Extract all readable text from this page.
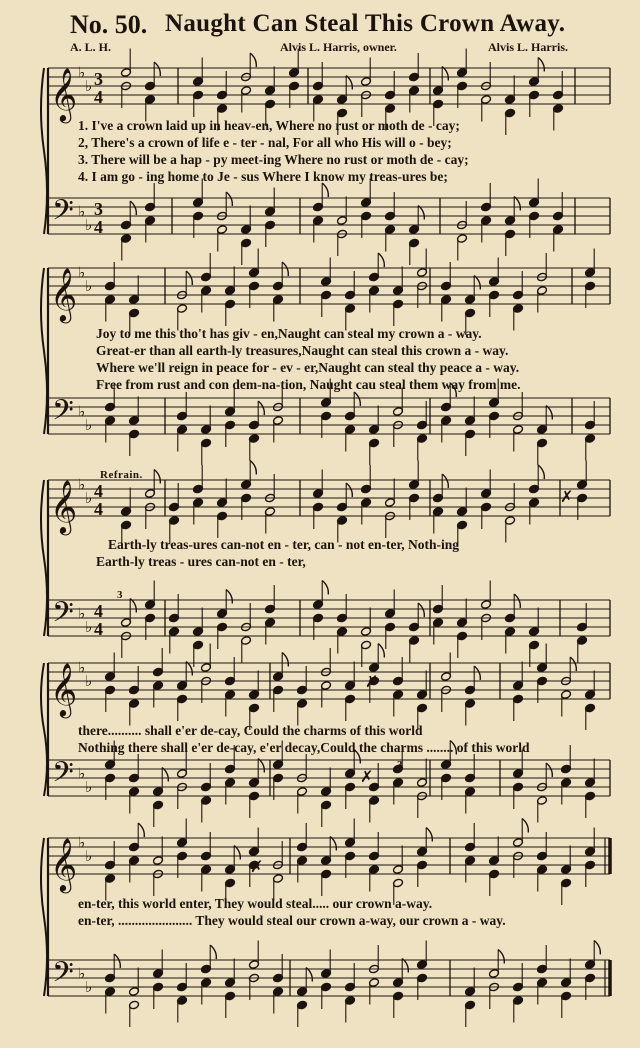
No. 50. Naught Can Steal This Crown Away.
A. L. H.	Alvis L. Harris, owner.	Alvis L. Harris.
𝄞 ♭
♭ 3
4
𝄢 ♭
♭
3
4
𝄞 ♭
♭
𝄢 ♭
♭
𝄞 ♭
♭ 4
4
𝄢 ♭
♭
4
4
𝄞 ♭
♭
𝄢 ♭
♭
𝄞 ♭
♭
𝄢 ♭
♭
3
3
✗
✗
✗
✗
1. I've a crown laid up in heav-en, Where no rust or moth de - cay;
2, There's a crown of life e - ter - nal, For all who His will o - bey;
3. There will be a hap - py meet-ing Where no rust or moth de - cay;
4. I am go - ing home to Je - sus Where I know my treas-ures be;
Joy to me this tho't has giv - en,Naught can steal my crown a - way.
Great-er than all earth-ly treasures,Naught can steal this crown a - way.
Where we'll reign in peace for - ev - er,Naught can steal thy peace a - way.
Free from rust and con dem-na-tion, Naught cau steal them way from me.
Refrain.
Earth-ly treas-ures can-not en - ter, can - not en-ter, Noth-ing
Earth-ly treas - ures can-not en - ter,
there.......... shall e'er de-cay, Could the charms of this world
Nothing there shall e'er de-cay, e'er decay,Could the charms ........ of this world
en-ter, this world enter, They would steal..... our crown a-way.
en-ter, ...................... They would steal our crown a-way, our crown a - way.
